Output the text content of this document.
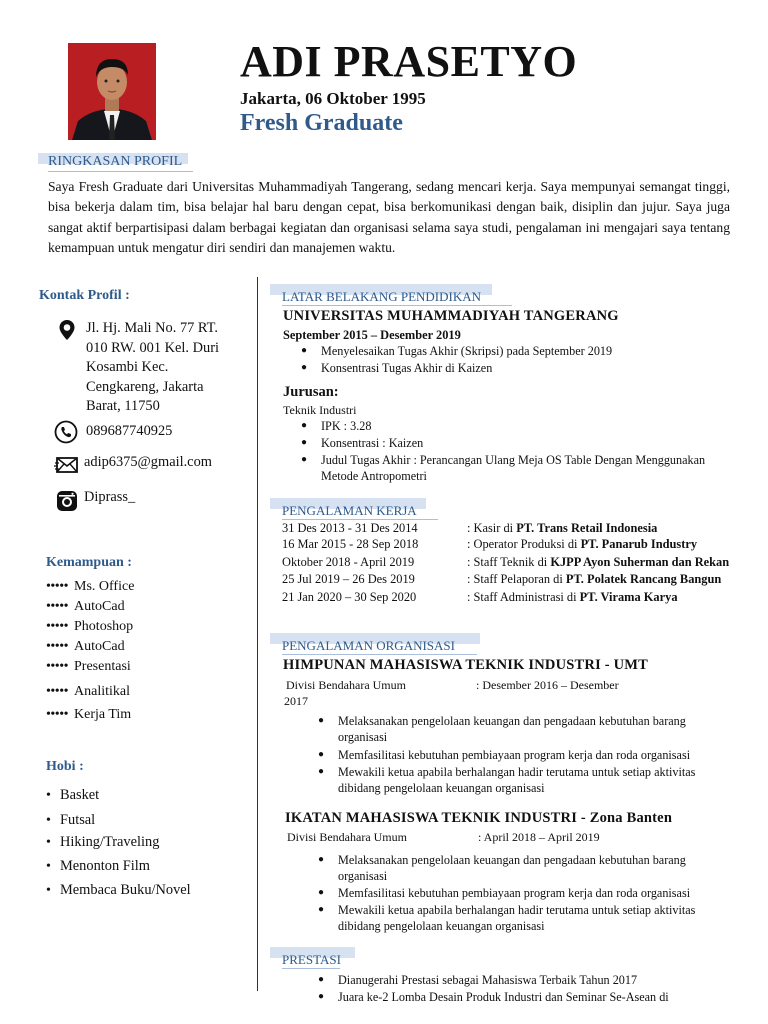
ADI PRASETYO
Jakarta, 06 Oktober 1995
Fresh Graduate
RINGKASAN PROFIL
Saya Fresh Graduate dari Universitas Muhammadiyah Tangerang, sedang mencari kerja. Saya mempunyai semangat tinggi, bisa bekerja dalam tim, bisa belajar hal baru dengan cepat, bisa berkomunikasi dengan baik, disiplin dan jujur. Saya juga sangat aktif berpartisipasi dalam berbagai kegiatan dan organisasi selama saya studi, pengalaman ini mengajari saya tentang kemampuan untuk mengatur diri sendiri dan manajemen waktu.
Kontak Profil :
Jl. Hj. Mali No. 77 RT.
010 RW. 001 Kel. Duri
Kosambi Kec.
Cengkareng, Jakarta
Barat, 11750
089687740925
adip6375@gmail.com
Diprass_
Kemampuan :
••••• Ms. Office
••••• AutoCad
••••• Photoshop
••••• AutoCad
••••• Presentasi
••••• Analitikal
••••• Kerja Tim
Hobi :
• Basket
• Futsal
• Hiking/Traveling
• Menonton Film
• Membaca Buku/Novel
LATAR BELAKANG PENDIDIKAN
UNIVERSITAS MUHAMMADIYAH TANGERANG
September 2015 – Desember 2019
● Menyelesaikan Tugas Akhir (Skripsi) pada September 2019
● Konsentrasi Tugas Akhir di Kaizen
Jurusan:
Teknik Industri
● IPK : 3.28
● Konsentrasi : Kaizen
● Judul Tugas Akhir : Perancangan Ulang Meja OS Table Dengan Menggunakan
Metode Antropometri
PENGALAMAN KERJA
31 Des 2013 - 31 Des 2014	: Kasir di PT. Trans Retail Indonesia
16 Mar 2015 - 28 Sep 2018	: Operator Produksi di PT. Panarub Industry
Oktober 2018 - April 2019	: Staff Teknik di KJPP Ayon Suherman dan Rekan
25 Jul 2019 – 26 Des 2019	: Staff Pelaporan di PT. Polatek Rancang Bangun
21 Jan 2020 – 30 Sep 2020	: Staff Administrasi di PT. Virama Karya
PENGALAMAN ORGANISASI
HIMPUNAN MAHASISWA TEKNIK INDUSTRI - UMT
Divisi Bendahara Umum	: Desember 2016 – Desember
2017
● Melaksanakan pengelolaan keuangan dan pengadaan kebutuhan barang
organisasi
● Memfasilitasi kebutuhan pembiayaan program kerja dan roda organisasi
● Mewakili ketua apabila berhalangan hadir terutama untuk setiap aktivitas
dibidang pengelolaan keuangan organisasi
IKATAN MAHASISWA TEKNIK INDUSTRI - Zona Banten
Divisi Bendahara Umum	: April 2018 – April 2019
● Melaksanakan pengelolaan keuangan dan pengadaan kebutuhan barang
organisasi
● Memfasilitasi kebutuhan pembiayaan program kerja dan roda organisasi
● Mewakili ketua apabila berhalangan hadir terutama untuk setiap aktivitas
dibidang pengelolaan keuangan organisasi
PRESTASI
● Dianugerahi Prestasi sebagai Mahasiswa Terbaik Tahun 2017
● Juara ke-2 Lomba Desain Produk Industri dan Seminar Se-Asean di
